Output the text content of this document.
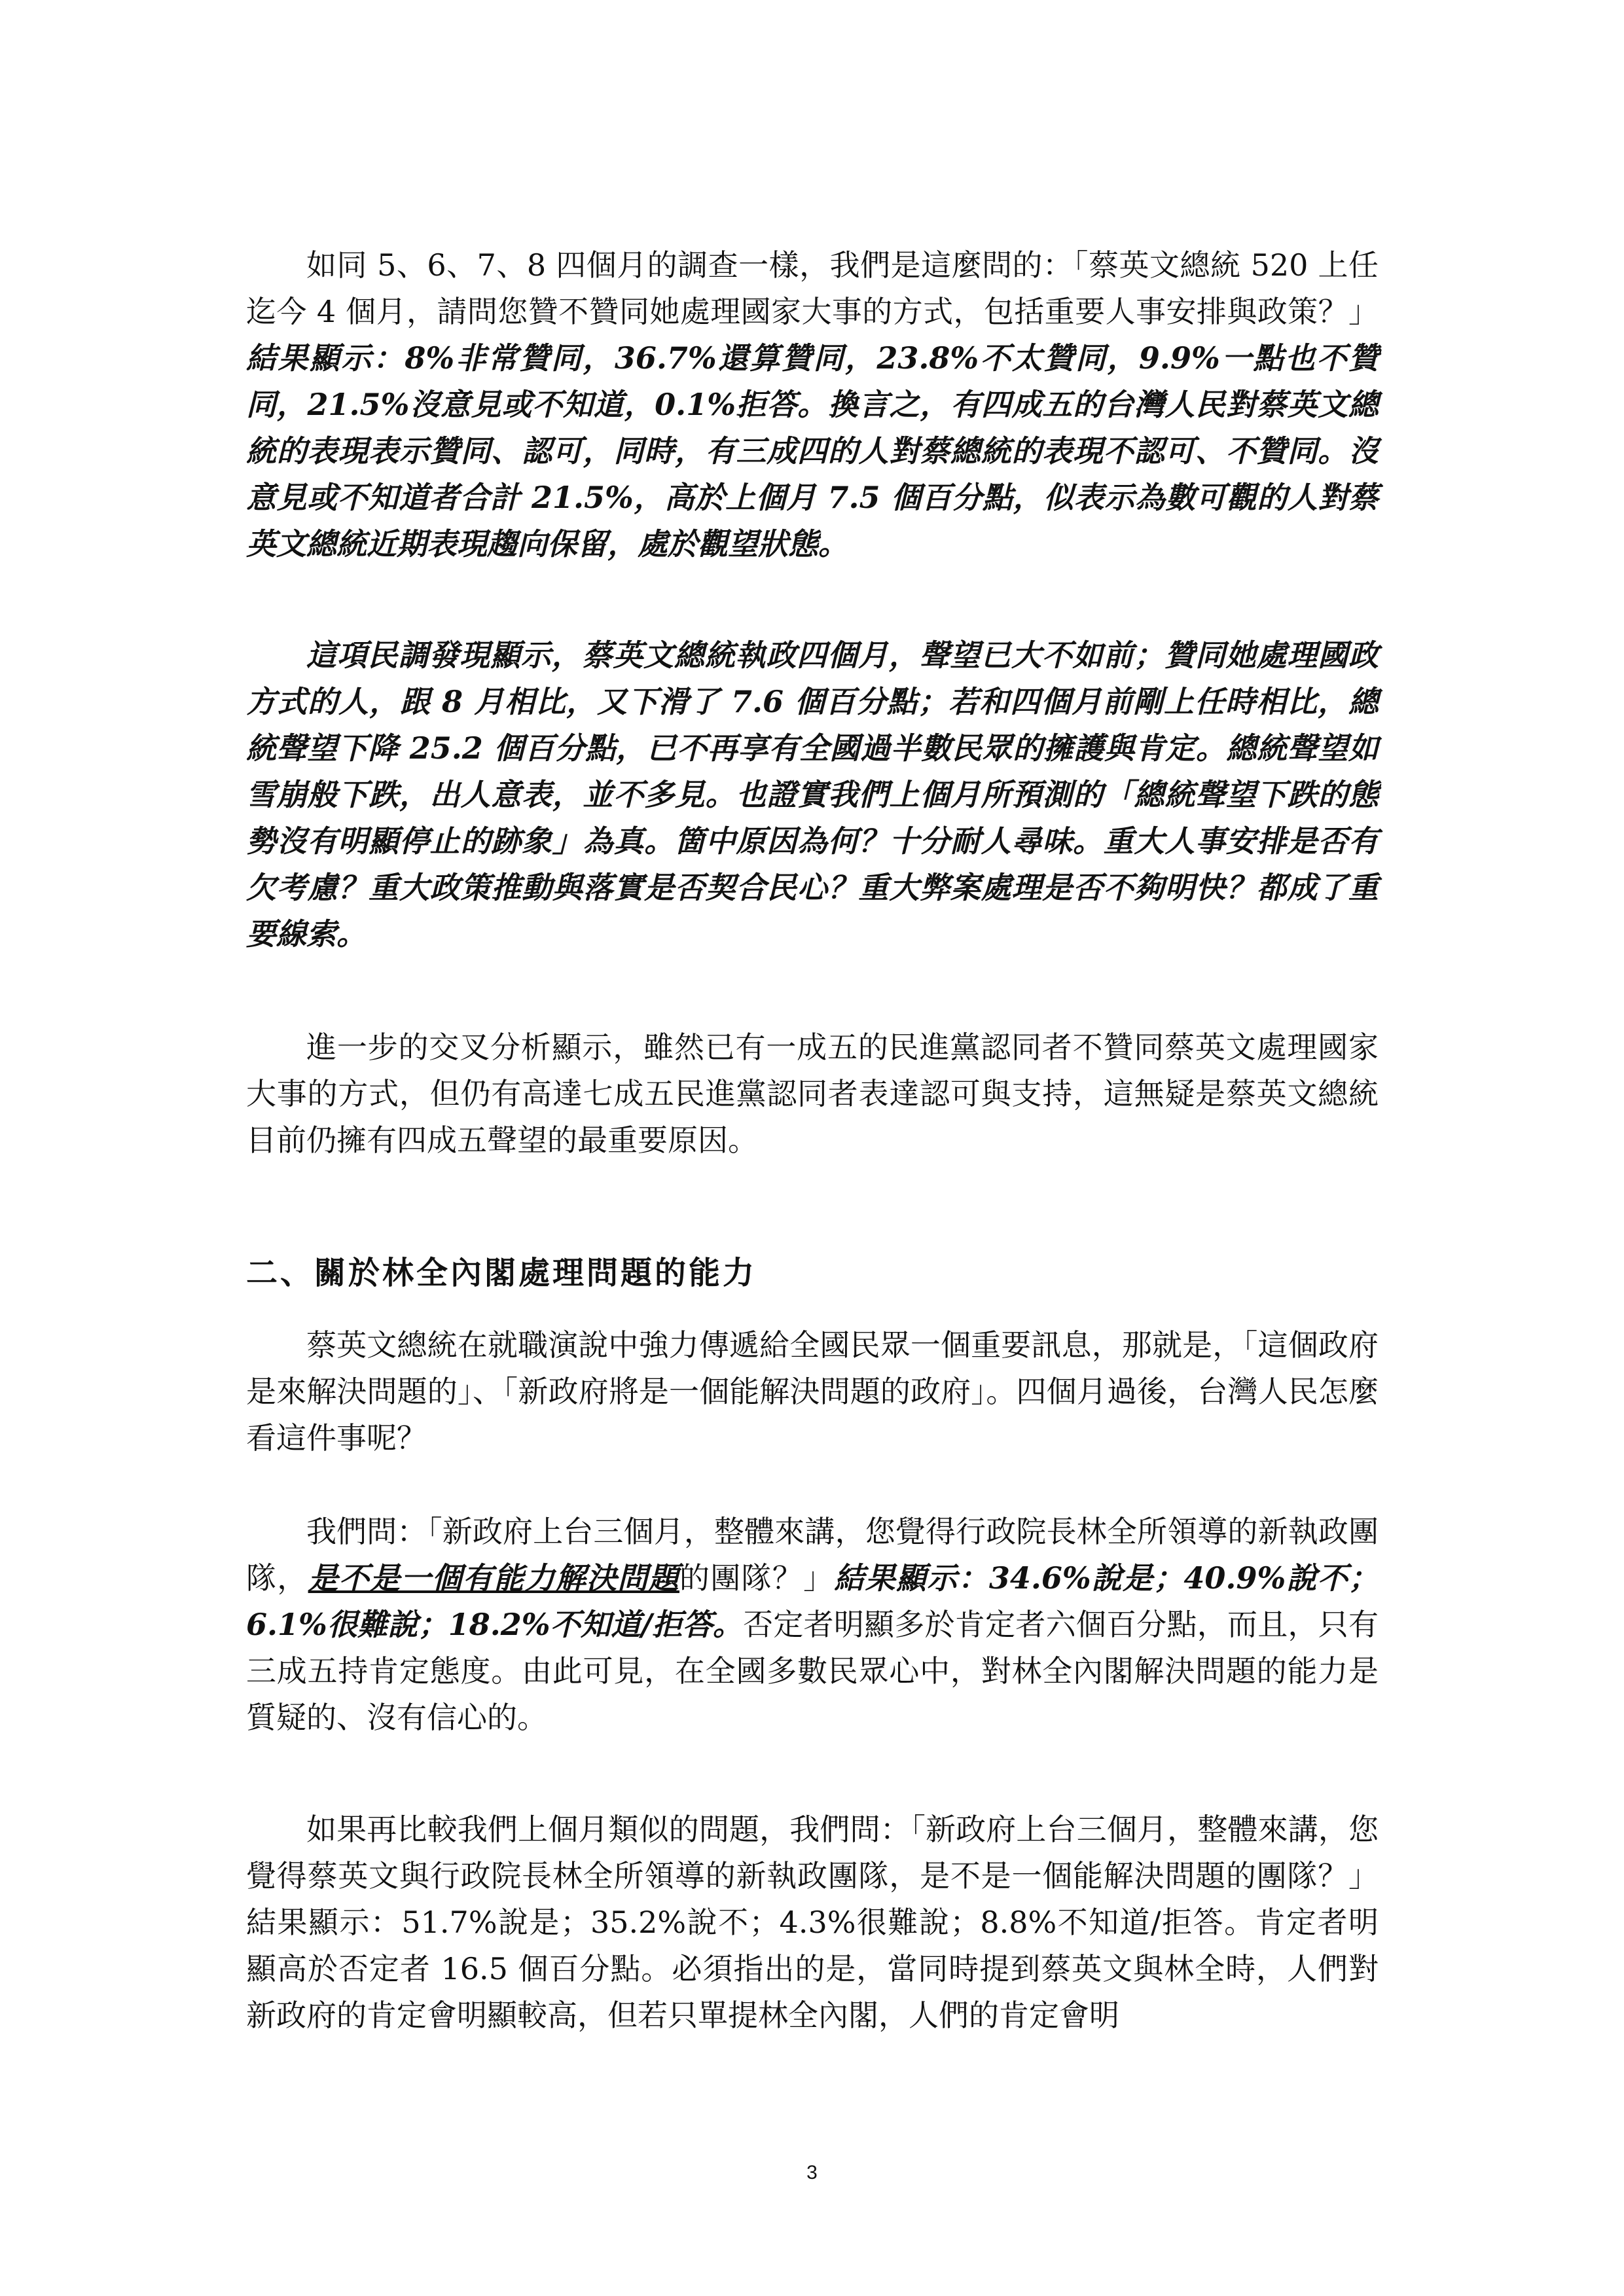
如同 5、6、7、8 四個月的調查一樣，我們是這麼問的：「蔡英文總統 520 上任迄今 4 個月，請問您贊不贊同她處理國家大事的方式，包括重要人事安排與政策？」結果顯示：8%非常贊同，36.7%還算贊同，23.8%不太贊同，9.9%一點也不贊同，21.5%沒意見或不知道，0.1%拒答。換言之，有四成五的台灣人民對蔡英文總統的表現表示贊同、認可，同時，有三成四的人對蔡總統的表現不認可、不贊同。沒意見或不知道者合計 21.5%，高於上個月 7.5 個百分點，似表示為數可觀的人對蔡英文總統近期表現趨向保留，處於觀望狀態。

這項民調發現顯示，蔡英文總統執政四個月，聲望已大不如前；贊同她處理國政方式的人，跟 8 月相比，又下滑了 7.6 個百分點；若和四個月前剛上任時相比，總統聲望下降 25.2 個百分點，已不再享有全國過半數民眾的擁護與肯定。總統聲望如雪崩般下跌，出人意表，並不多見。也證實我們上個月所預測的「總統聲望下跌的態勢沒有明顯停止的跡象」為真。箇中原因為何？十分耐人尋味。重大人事安排是否有欠考慮？重大政策推動與落實是否契合民心？重大弊案處理是否不夠明快？都成了重要線索。

進一步的交叉分析顯示，雖然已有一成五的民進黨認同者不贊同蔡英文處理國家大事的方式，但仍有高達七成五民進黨認同者表達認可與支持，這無疑是蔡英文總統目前仍擁有四成五聲望的最重要原因。

二、關於林全內閣處理問題的能力

蔡英文總統在就職演說中強力傳遞給全國民眾一個重要訊息，那就是，「這個政府是來解決問題的」、「新政府將是一個能解決問題的政府」。四個月過後，台灣人民怎麼看這件事呢？

我們問：「新政府上台三個月，整體來講，您覺得行政院長林全所領導的新執政團隊，是不是一個有能力解決問題的團隊？」結果顯示：34.6%說是；40.9%說不；6.1%很難說；18.2%不知道/拒答。否定者明顯多於肯定者六個百分點，而且，只有三成五持肯定態度。由此可見，在全國多數民眾心中，對林全內閣解決問題的能力是質疑的、沒有信心的。

如果再比較我們上個月類似的問題，我們問：「新政府上台三個月，整體來講，您覺得蔡英文與行政院長林全所領導的新執政團隊，是不是一個能解決問題的團隊？」結果顯示：51.7%說是；35.2%說不；4.3%很難說；8.8%不知道/拒答。肯定者明顯高於否定者 16.5 個百分點。必須指出的是，當同時提到蔡英文與林全時，人們對新政府的肯定會明顯較高，但若只單提林全內閣，人們的肯定會明

3
